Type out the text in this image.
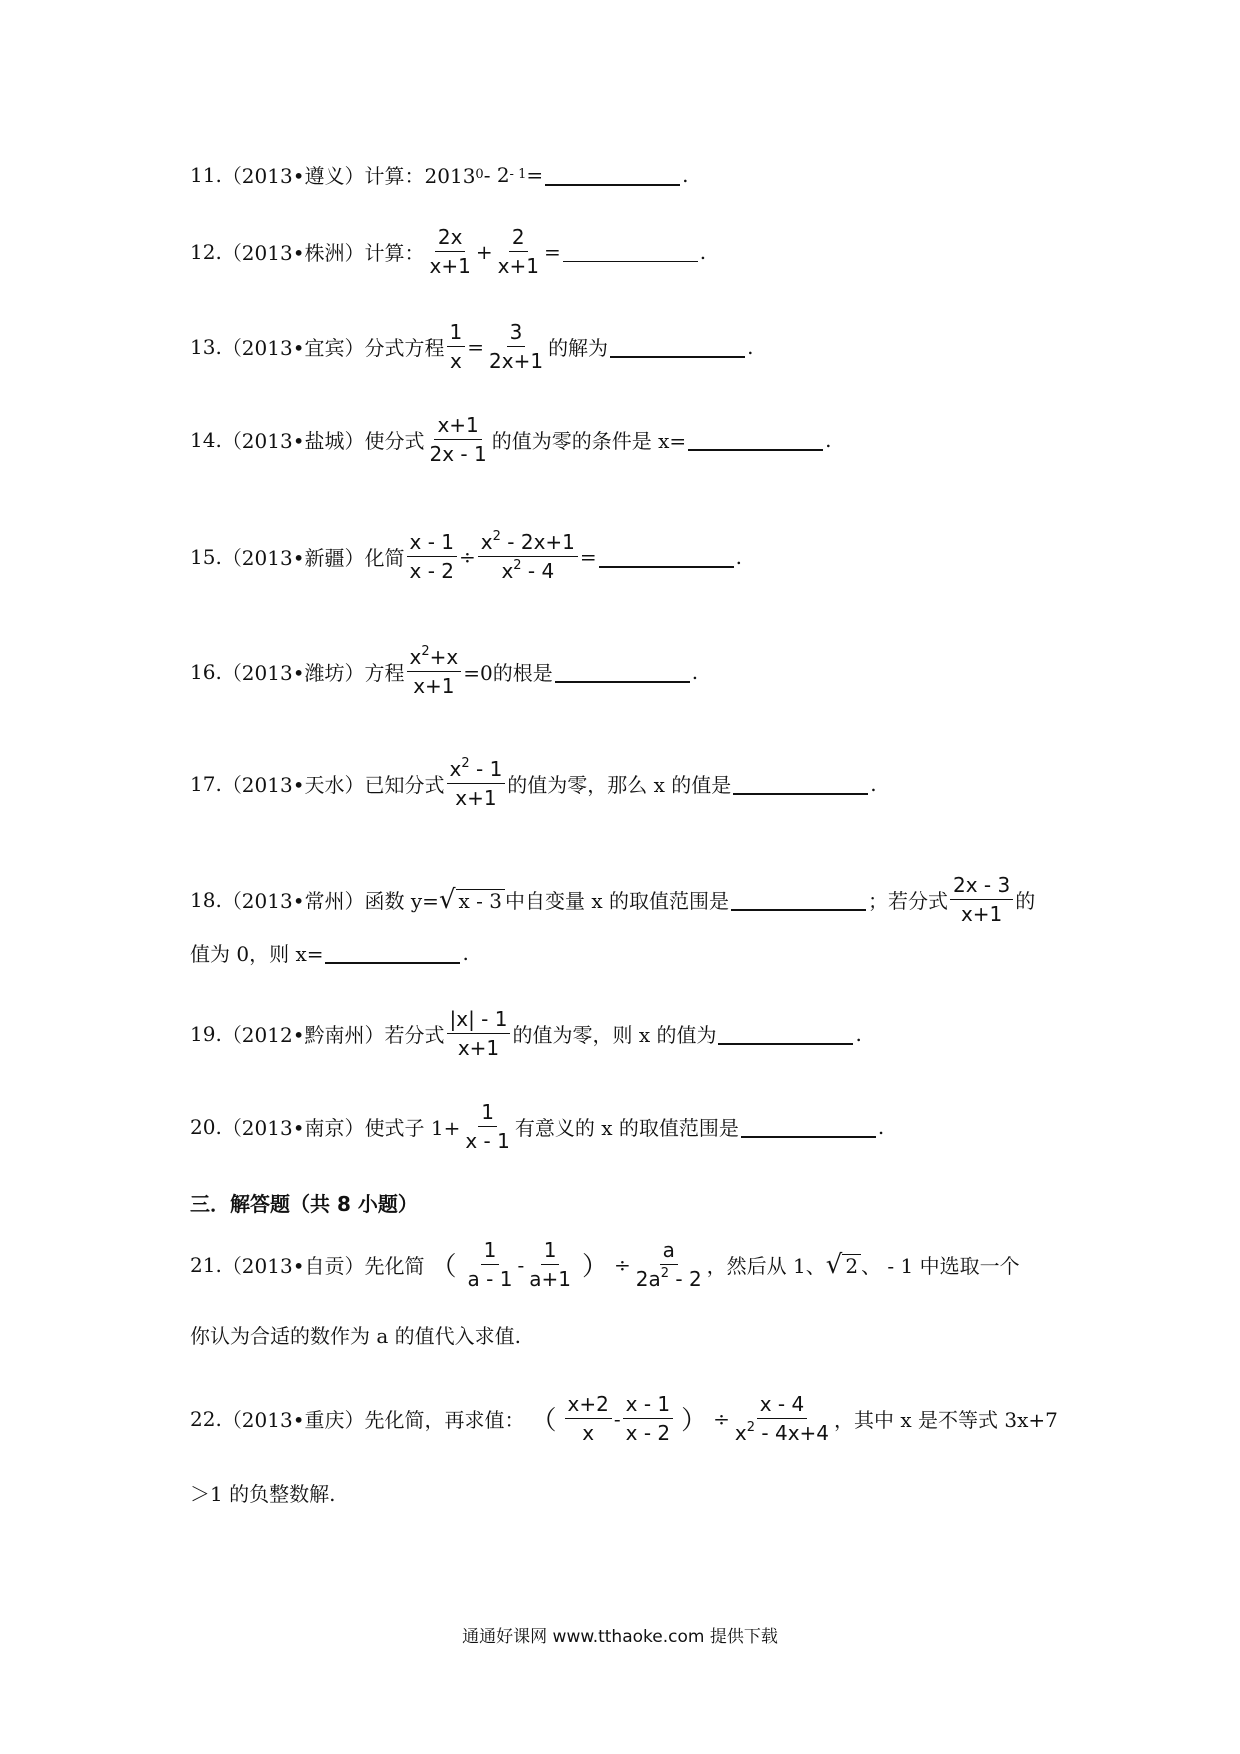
11. （2013•遵义） 计算：2013 0 - 2 - 1 =	.
12. （2013•株洲） 计算： $\frac{2x}{x+1} + \frac{2}{x+1}$ =	.
13. （2013•宜宾） 分式方程 $\frac{1}{x} = \frac{3}{2x+1}$ 的解为	.
14. （2013•盐城） 使分式 $\frac{x+1}{2x - 1}$ 的值为零的条件是 x=	.
15. （2013•新疆） 化简 $\frac{x - 1}{x - 2} \div \frac{x^2 - 2x+1}{x^2 - 4}$ =	.
16. （2013•潍坊） 方程 $\frac{x^2+x}{x+1} =0$的根是	.
17. （2013•天水） 已知分式 $\frac{x^2 - 1}{x+1}$ 的值为零，那么 x 的值是	.
18. （2013•常州） 函数 y= √ x - 3 中自变量 x 的取值范围是	；若分式 $\frac{2x - 3}{x+1}$ 的
值为 0，则 x=	.
19. （2012•黔南州） 若分式 $\frac{|x| - 1}{x+1}$ 的值为零，则 x 的值为	.
20. （2013•南京） 使式子 $1+ \frac{1}{x - 1}$ 有意义的 x 的取值范围是	.
三．解答题（共 8 小题）
21. （2013•自贡） 先化简 （ $\frac{1}{a - 1} - \frac{1}{a+1}$ ） ÷ $\frac{a}{2a^2 - 2}$ ，然后从 1、 √ 2 、 - 1 中选取一个
你认为合适的数作为 a 的值代入求值.
22. （2013•重庆） 先化简，再求值： （ $\frac{x+2}{x} - \frac{x - 1}{x - 2}$ ） ÷ $\frac{x - 4}{x^2 - 4x+4}$ ，其中 x 是不等式 3x+7
＞1 的负整数解.
通通好课网 www.tthaoke.com 提供下载
